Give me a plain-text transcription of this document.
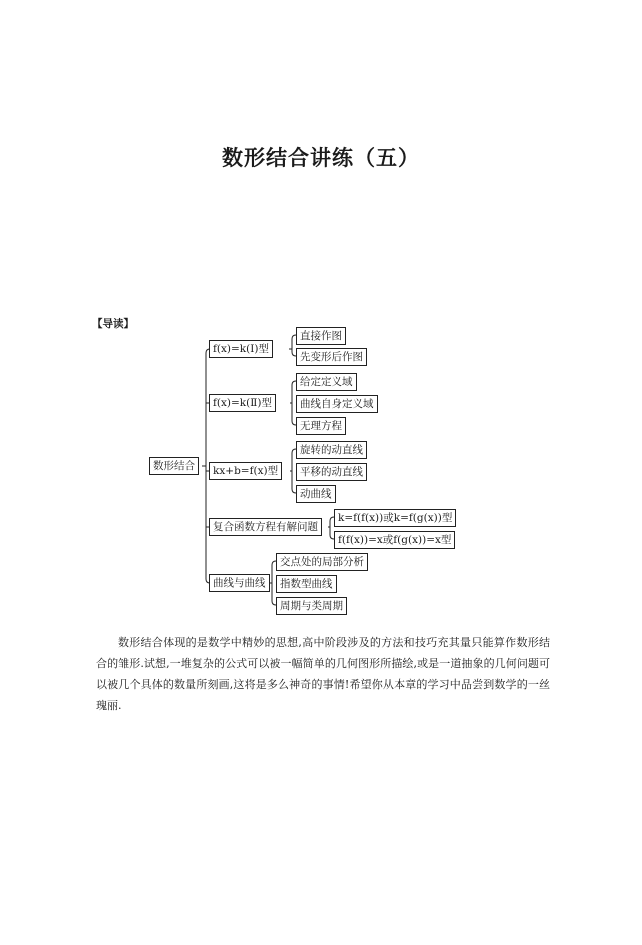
数形结合讲练（五）
【导读】
数形结合
f(x)=k(Ⅰ)型
直接作图
先变形后作图
f(x)=k(Ⅱ)型
给定定义域
曲线自身定义域
无理方程
kx+b=f(x)型
旋转的动直线
平移的动直线
动曲线
复合函数方程有解问题
k=f(f(x))或k=f(g(x))型
f(f(x))=x或f(g(x))=x型
曲线与曲线
交点处的局部分析
指数型曲线
周期与类周期

数形结合体现的是数学中精妙的思想,高中阶段涉及的方法和技巧充其量只能算作数形结合的雏形.试想,一堆复杂的公式可以被一幅简单的几何图形所描绘,或是一道抽象的几何问题可以被几个具体的数量所刻画,这将是多么神奇的事情!希望你从本章的学习中品尝到数学的一丝瑰丽.
